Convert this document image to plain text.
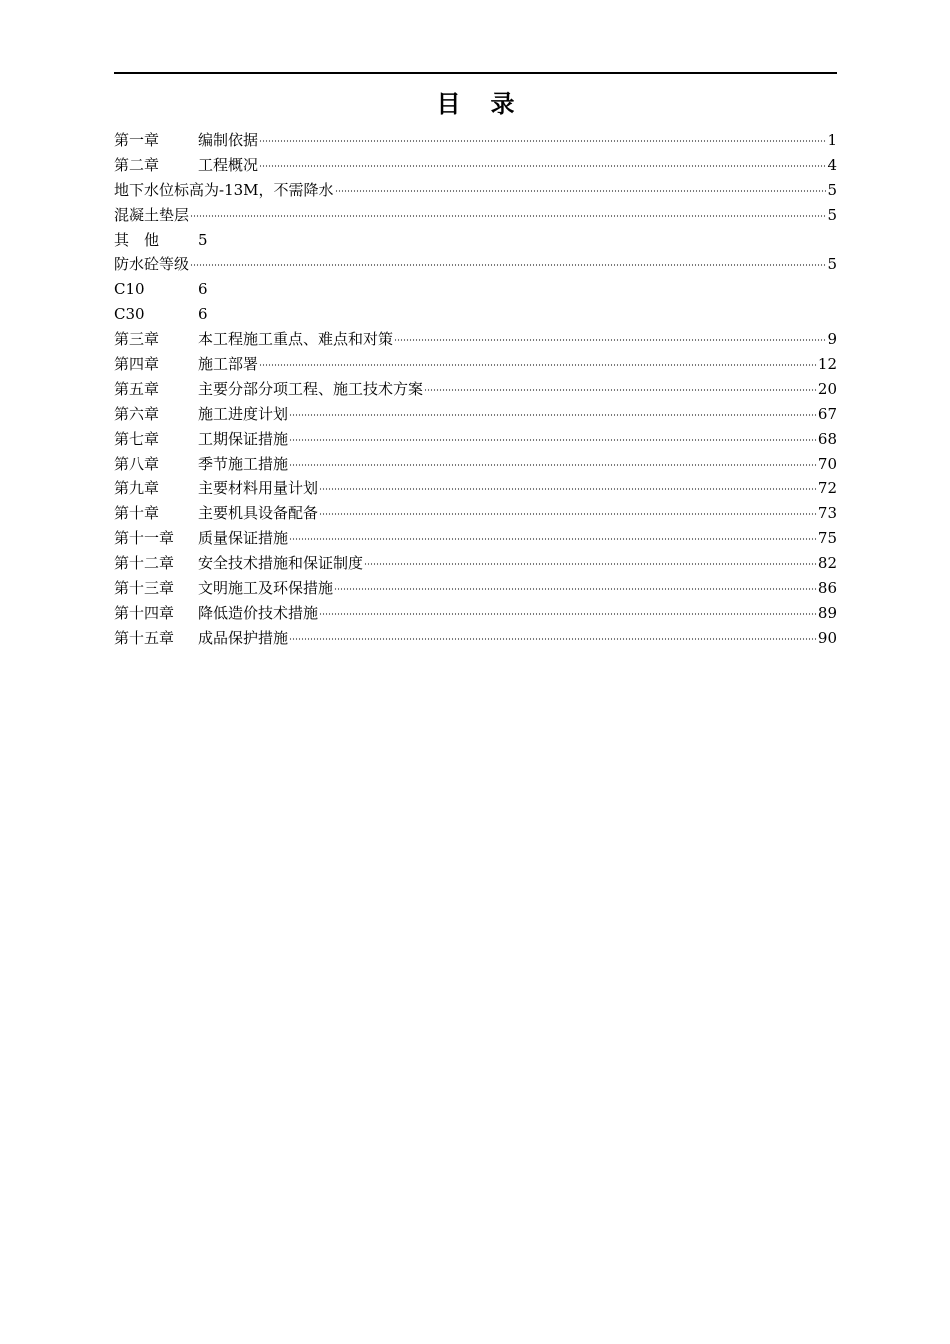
目 录
第一章	编制依据	1
第二章	工程概况	4
地下水位标高为-13M，不需降水	5
混凝土垫层	5
其 他	5
防水砼等级	5
C10	6
C30	6
第三章	本工程施工重点、难点和对策	9
第四章	施工部署	12
第五章	主要分部分项工程、施工技术方案	20
第六章	施工进度计划	67
第七章	工期保证措施	68
第八章	季节施工措施	70
第九章	主要材料用量计划	72
第十章	主要机具设备配备	73
第十一章	质量保证措施	75
第十二章	安全技术措施和保证制度	82
第十三章	文明施工及环保措施	86
第十四章	降低造价技术措施	89
第十五章	成品保护措施	90
